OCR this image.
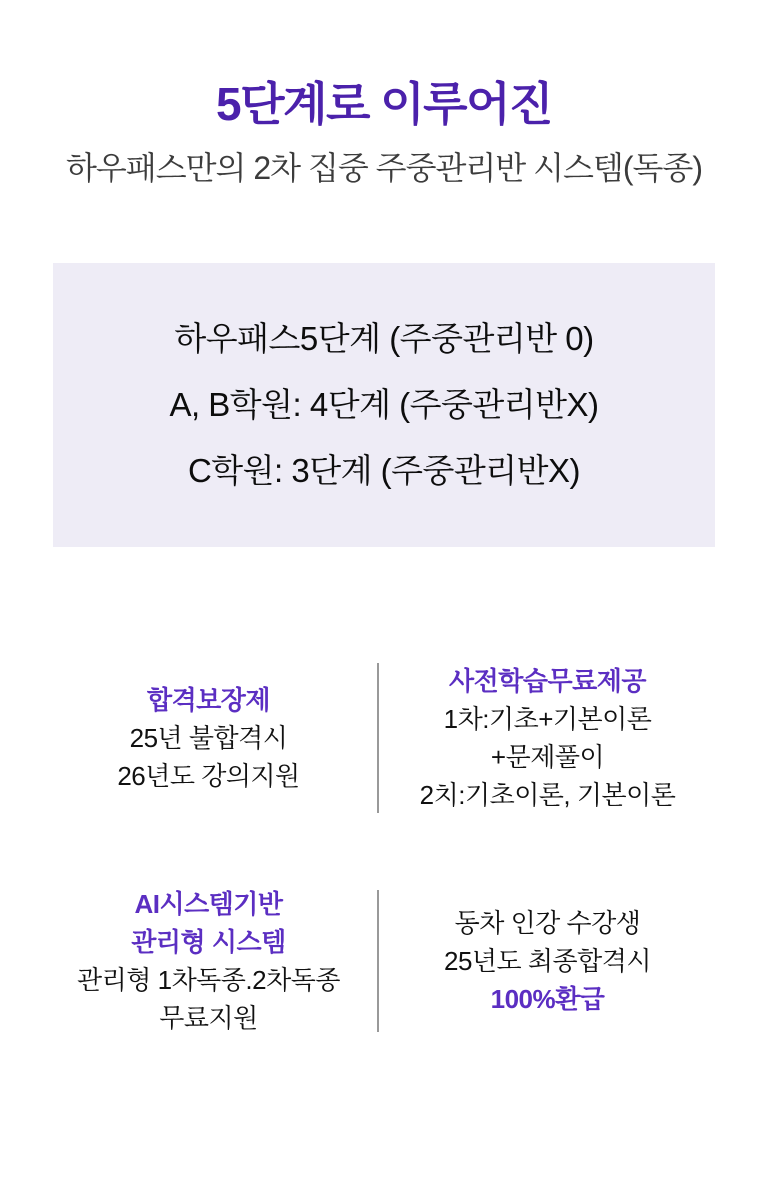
5단계로 이루어진

하우패스만의 2차 집중 주중관리반 시스템(독종)

하우패스5단계 (주중관리반 0)

A, B학원: 4단계 (주중관리반X)

C학원: 3단계 (주중관리반X)

합격보장제

25년 불합격시

26년도 강의지원

사전학습무료제공

1차:기초+기본이론

+문제풀이

2치:기초이론, 기본이론

AI시스템기반

관리형 시스템

관리형 1차독종.2차독종

무료지원

동차 인강 수강생

25년도 최종합격시

100%환급
